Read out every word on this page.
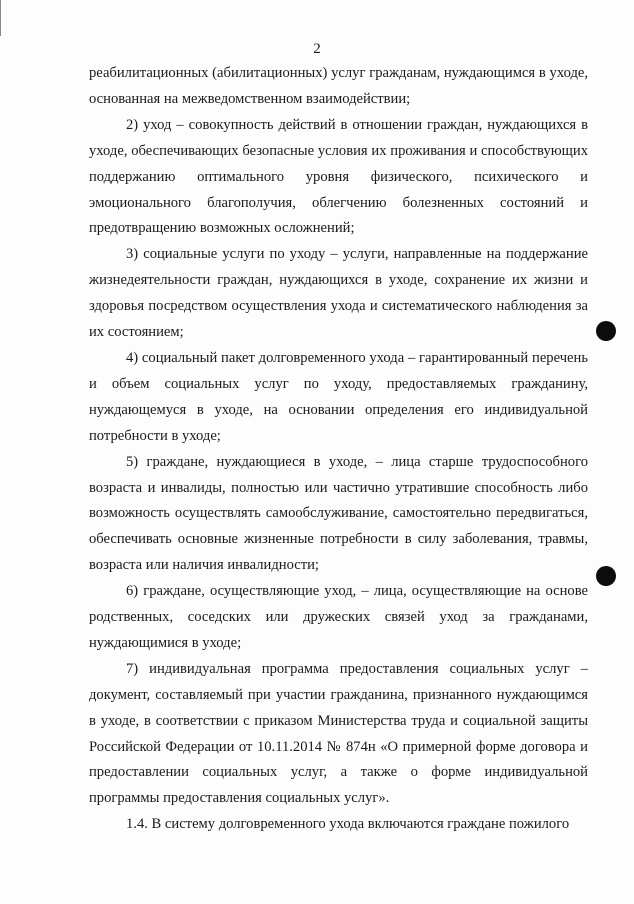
2

реабилитационных (абилитационных) услуг гражданам, нуждающимся в уходе, основанная на межведомственном взаимодействии;

2) уход – совокупность действий в отношении граждан, нуждающихся в уходе, обеспечивающих безопасные условия их проживания и способствующих поддержанию оптимального уровня физического, психического и эмоционального благополучия, облегчению болезненных состояний и предотвращению возможных осложнений;

3) социальные услуги по уходу – услуги, направленные на поддержание жизнедеятельности граждан, нуждающихся в уходе, сохранение их жизни и здоровья посредством осуществления ухода и систематического наблюдения за их состоянием;

4) социальный пакет долговременного ухода – гарантированный перечень и объем социальных услуг по уходу, предоставляемых гражданину, нуждающемуся в уходе, на основании определения его индивидуальной потребности в уходе;

5) граждане, нуждающиеся в уходе, – лица старше трудоспособного возраста и инвалиды, полностью или частично утратившие способность либо возможность осуществлять самообслуживание, самостоятельно передвигаться, обеспечивать основные жизненные потребности в силу заболевания, травмы, возраста или наличия инвалидности;

6) граждане, осуществляющие уход, – лица, осуществляющие на основе родственных, соседских или дружеских связей уход за гражданами, нуждающимися в уходе;

7) индивидуальная программа предоставления социальных услуг – документ, составляемый при участии гражданина, признанного нуждающимся в уходе, в соответствии с приказом Министерства труда и социальной защиты Российской Федерации от 10.11.2014 № 874н «О примерной форме договора и предоставлении социальных услуг, а также о форме индивидуальной программы предоставления социальных услуг».

1.4. В систему долговременного ухода включаются граждане пожилого
